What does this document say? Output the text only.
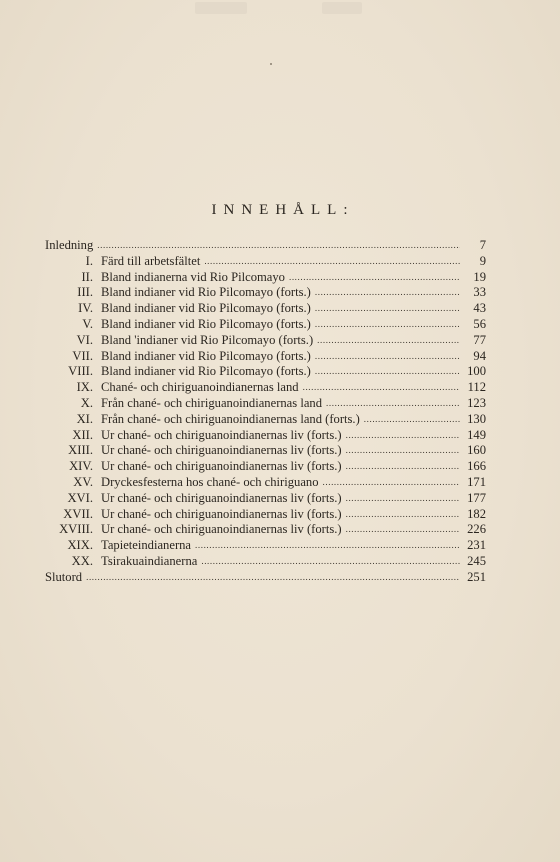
INNEHÅLL:
Inledning .....	7
I. Färd till arbetsfältet .....	9
II. Bland indianerna vid Rio Pilcomayo .....	19
III. Bland indianer vid Rio Pilcomayo (forts.) .....	33
IV. Bland indianer vid Rio Pilcomayo (forts.) .....	43
V. Bland indianer vid Rio Pilcomayo (forts.) .....	56
VI. Bland 'indianer vid Rio Pilcomayo (forts.) .....	77
VII. Bland indianer vid Rio Pilcomayo (forts.) .....	94
VIII. Bland indianer vid Rio Pilcomayo (forts.) .....	100
IX. Chané- och chiriguanoindianernas land .....	112
X. Från chané- och chiriguanoindianernas land .....	123
XI. Från chané- och chiriguanoindianernas land (forts.) .....	130
XII. Ur chané- och chiriguanoindianernas liv (forts.) .....	149
XIII. Ur chané- och chiriguanoindianernas liv (forts.) .....	160
XIV. Ur chané- och chiriguanoindianernas liv (forts.) .....	166
XV. Dryckesfesterna hos chané- och chiriguano .....	171
XVI. Ur chané- och chiriguanoindianernas liv (forts.) .....	177
XVII. Ur chané- och chiriguanoindianernas liv (forts.) .....	182
XVIII. Ur chané- och chiriguanoindianernas liv (forts.) .....	226
XIX. Tapieteindianerna .....	231
XX. Tsirakuaindianerna .....	245
Slutord .....	251
